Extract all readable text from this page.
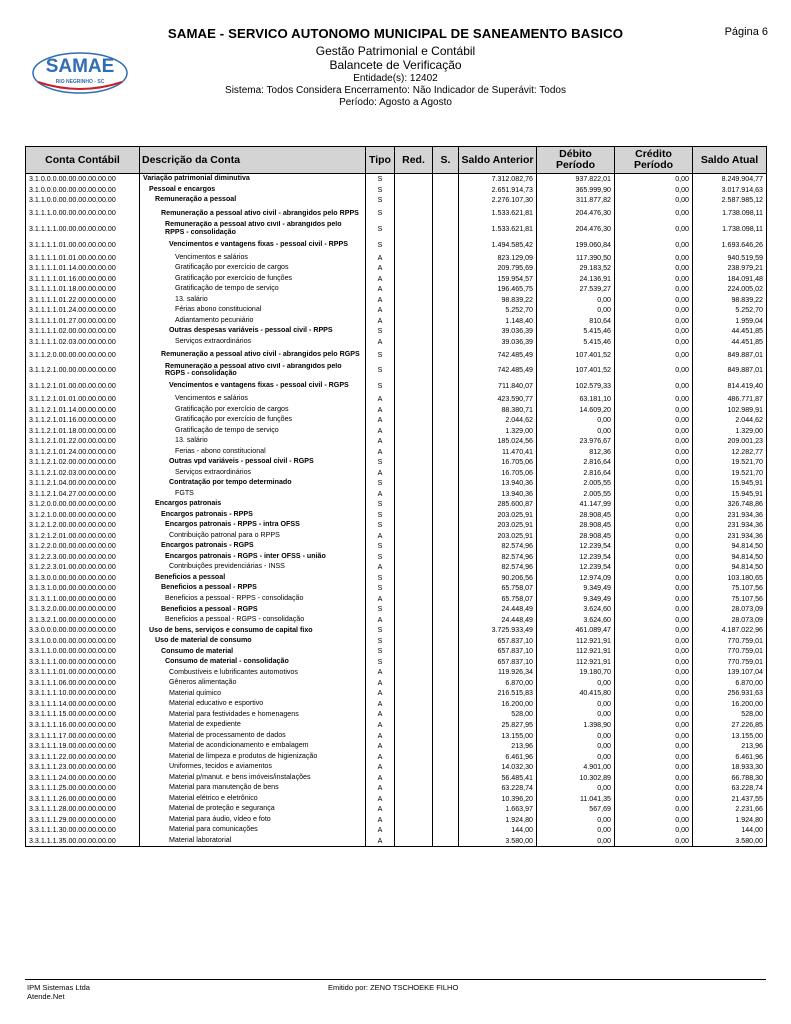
SAMAE - SERVICO AUTONOMO MUNICIPAL DE SANEAMENTO BASICO	Página 6
SAMAE
RIO NEGRINHO - SC
Gestão Patrimonial e Contábil
Balancete de Verificação
Entidade(s): 12402
Sistema: Todos Considera Encerramento: Não Indicador de Superávit: Todos
Período: Agosto a Agosto
Conta Contábil	Descrição da Conta	Tipo	Red.	S.	Saldo Anterior	Débito Período	Crédito Período	Saldo Atual
3.1.0.0.0.00.00.00.00.00.00	Variação patrimonial diminutiva	S			7.312.082,76	937.822,01	0,00	8.249.904,77
3.1.0.0.0.00.00.00.00.00.00	Pessoal e encargos	S			2.651.914,73	365.999,90	0,00	3.017.914,63
3.1.1.0.0.00.00.00.00.00.00	Remuneração a pessoal	S			2.276.107,30	311.877,82	0,00	2.587.985,12
3.1.1.1.0.00.00.00.00.00.00	Remuneração a pessoal ativo civil - abrangidos pelo RPPS	S			1.533.621,81	204.476,30	0,00	1.738.098,11
3.1.1.1.1.00.00.00.00.00.00	Remuneração a pessoal ativo civil - abrangidos pelo RPPS - consolidação	S			1.533.621,81	204.476,30	0,00	1.738.098,11
3.1.1.1.1.01.00.00.00.00.00	Vencimentos e vantagens fixas - pessoal civil - RPPS	S			1.494.585,42	199.060,84	0,00	1.693.646,26
3.1.1.1.1.01.01.00.00.00.00	Vencimentos e salários	A			823.129,09	117.390,50	0,00	940.519,59
3.1.1.1.1.01.14.00.00.00.00	Gratificação por exercício de cargos	A			209.795,69	29.183,52	0,00	238.979,21
3.1.1.1.1.01.16.00.00.00.00	Gratificação por exercício de funções	A			159.954,57	24.136,91	0,00	184.091,48
3.1.1.1.1.01.18.00.00.00.00	Gratificação de tempo de serviço	A			196.465,75	27.539,27	0,00	224.005,02
3.1.1.1.1.01.22.00.00.00.00	13. salário	A			98.839,22	0,00	0,00	98.839,22
3.1.1.1.1.01.24.00.00.00.00	Férias abono constitucional	A			5.252,70	0,00	0,00	5.252,70
3.1.1.1.1.01.27.00.00.00.00	Adiantamento pecuniário	A			1.148,40	810,64	0,00	1.959,04
3.1.1.1.1.02.00.00.00.00.00	Outras despesas variáveis - pessoal civil - RPPS	S			39.036,39	5.415,46	0,00	44.451,85
3.1.1.1.1.02.03.00.00.00.00	Serviços extraordinários	A			39.036,39	5.415,46	0,00	44.451,85
3.1.1.2.0.00.00.00.00.00.00	Remuneração a pessoal ativo civil - abrangidos pelo RGPS	S			742.485,49	107.401,52	0,00	849.887,01
3.1.1.2.1.00.00.00.00.00.00	Remuneração a pessoal ativo civil - abrangidos pelo RGPS - consolidação	S			742.485,49	107.401,52	0,00	849.887,01
3.1.1.2.1.01.00.00.00.00.00	Vencimentos e vantagens fixas - pessoal civil - RGPS	S			711.840,07	102.579,33	0,00	814.419,40
3.1.1.2.1.01.01.00.00.00.00	Vencimentos e salários	A			423.590,77	63.181,10	0,00	486.771,87
3.1.1.2.1.01.14.00.00.00.00	Gratificação por exercício de cargos	A			88.380,71	14.609,20	0,00	102.989,91
3.1.1.2.1.01.16.00.00.00.00	Gratificação por exercício de funções	A			2.044,62	0,00	0,00	2.044,62
3.1.1.2.1.01.18.00.00.00.00	Gratificação de tempo de serviço	A			1.329,00	0,00	0,00	1.329,00
3.1.1.2.1.01.22.00.00.00.00	13. salário	A			185.024,56	23.976,67	0,00	209.001,23
3.1.1.2.1.01.24.00.00.00.00	Ferias - abono constitucional	A			11.470,41	812,36	0,00	12.282,77
3.1.1.2.1.02.00.00.00.00.00	Outras vpd variáveis - pessoal civil - RGPS	S			16.705,06	2.816,64	0,00	19.521,70
3.1.1.2.1.02.03.00.00.00.00	Serviços extraordinários	A			16.705,06	2.816,64	0,00	19.521,70
3.1.1.2.1.04.00.00.00.00.00	Contratação por tempo determinado	S			13.940,36	2.005,55	0,00	15.945,91
3.1.1.2.1.04.27.00.00.00.00	FGTS	A			13.940,36	2.005,55	0,00	15.945,91
3.1.2.0.0.00.00.00.00.00.00	Encargos patronais	S			285.600,87	41.147,99	0,00	326.748,86
3.1.2.1.0.00.00.00.00.00.00	Encargos patronais - RPPS	S			203.025,91	28.908,45	0,00	231.934,36
3.1.2.1.2.00.00.00.00.00.00	Encargos patronais - RPPS - intra OFSS	S			203.025,91	28.908,45	0,00	231.934,36
3.1.2.1.2.01.00.00.00.00.00	Contribuição patronal para o RPPS	A			203.025,91	28.908,45	0,00	231.934,36
3.1.2.2.0.00.00.00.00.00.00	Encargos patronais - RGPS	S			82.574,96	12.239,54	0,00	94.814,50
3.1.2.2.3.00.00.00.00.00.00	Encargos patronais - RGPS - inter OFSS - união	S			82.574,96	12.239,54	0,00	94.814,50
3.1.2.2.3.01.00.00.00.00.00	Contribuições previdenciárias - INSS	A			82.574,96	12.239,54	0,00	94.814,50
3.1.3.0.0.00.00.00.00.00.00	Beneficios a pessoal	S			90.206,56	12.974,09	0,00	103.180,65
3.1.3.1.0.00.00.00.00.00.00	Beneficios a pessoal - RPPS	S			65.758,07	9.349,49	0,00	75.107,56
3.1.3.1.1.00.00.00.00.00.00	Beneficios a pessoal - RPPS - consolidação	A			65.758,07	9.349,49	0,00	75.107,56
3.1.3.2.0.00.00.00.00.00.00	Beneficios a pessoal - RGPS	S			24.448,49	3.624,60	0,00	28.073,09
3.1.3.2.1.00.00.00.00.00.00	Beneficios a pessoal - RGPS - consolidação	A			24.448,49	3.624,60	0,00	28.073,09
3.3.0.0.0.00.00.00.00.00.00	Uso de bens, serviços e consumo de capital fixo	S			3.725.933,49	461.089,47	0,00	4.187.022,96
3.3.1.0.0.00.00.00.00.00.00	Uso de material de consumo	S			657.837,10	112.921,91	0,00	770.759,01
3.3.1.1.0.00.00.00.00.00.00	Consumo de material	S			657.837,10	112.921,91	0,00	770.759,01
3.3.1.1.1.00.00.00.00.00.00	Consumo de material - consolidação	S			657.837,10	112.921,91	0,00	770.759,01
3.3.1.1.1.01.00.00.00.00.00	Combustíveis e lubrificantes automotivos	A			119.926,34	19.180,70	0,00	139.107,04
3.3.1.1.1.06.00.00.00.00.00	Gêneros alimentação	A			6.870,00	0,00	0,00	6.870,00
3.3.1.1.1.10.00.00.00.00.00	Material químico	A			216.515,83	40.415,80	0,00	256.931,63
3.3.1.1.1.14.00.00.00.00.00	Material educativo e esportivo	A			16.200,00	0,00	0,00	16.200,00
3.3.1.1.1.15.00.00.00.00.00	Material para festividades e homenagens	A			528,00	0,00	0,00	528,00
3.3.1.1.1.16.00.00.00.00.00	Material de expediente	A			25.827,95	1.398,90	0,00	27.226,85
3.3.1.1.1.17.00.00.00.00.00	Material de processamento de dados	A			13.155,00	0,00	0,00	13.155,00
3.3.1.1.1.19.00.00.00.00.00	Material de acondicionamento e embalagem	A			213,96	0,00	0,00	213,96
3.3.1.1.1.22.00.00.00.00.00	Material de limpeza e produtos de higienização	A			6.461,96	0,00	0,00	6.461,96
3.3.1.1.1.23.00.00.00.00.00	Uniformes, tecidos e aviamentos	A			14.032,30	4.901,00	0,00	18.933,30
3.3.1.1.1.24.00.00.00.00.00	Material p/manut. e bens imóveis/instalações	A			56.485,41	10.302,89	0,00	66.788,30
3.3.1.1.1.25.00.00.00.00.00	Material para manutenção de bens	A			63.228,74	0,00	0,00	63.228,74
3.3.1.1.1.26.00.00.00.00.00	Material elétrico e eletrônico	A			10.396,20	11.041,35	0,00	21.437,55
3.3.1.1.1.28.00.00.00.00.00	Material de proteção e segurança	A			1.663,97	567,69	0,00	2.231,66
3.3.1.1.1.29.00.00.00.00.00	Material para áudio, vídeo e foto	A			1.924,80	0,00	0,00	1.924,80
3.3.1.1.1.30.00.00.00.00.00	Material para comunicações	A			144,00	0,00	0,00	144,00
3.3.1.1.1.35.00.00.00.00.00	Material laboratorial	A			3.580,00	0,00	0,00	3.580,00
IPM Sistemas Ltda
Atende.Net
Emitido por: ZENO TSCHOEKE FILHO
